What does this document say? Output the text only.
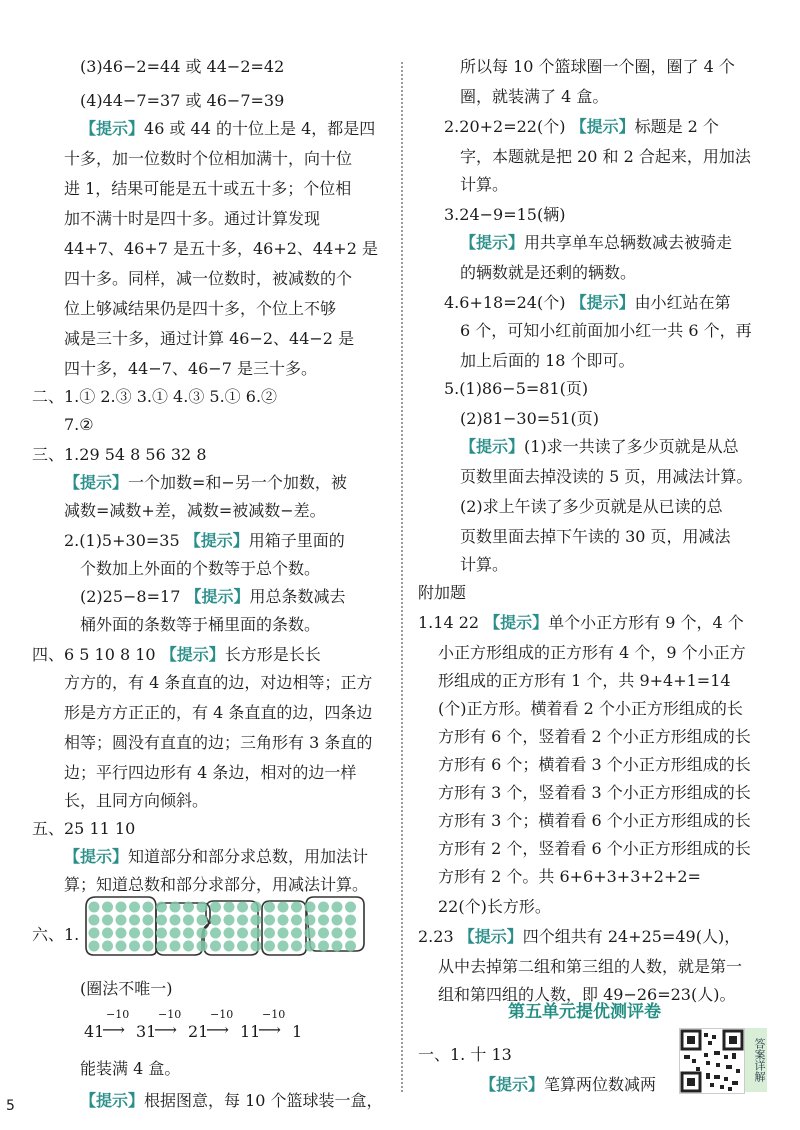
(3)46−2=44 或 44−2=42
(4)44−7=37 或 46−7=39
【提示】46 或 44 的十位上是 4，都是四
十多，加一位数时个位相加满十，向十位
进 1，结果可能是五十或五十多；个位相
加不满十时是四十多。通过计算发现
44+7、46+7 是五十多，46+2、44+2 是
四十多。同样，减一位数时，被减数的个
位上够减结果仍是四十多，个位上不够
减是三十多，通过计算 46−2、44−2 是
四十多，44−7、46−7 是三十多。
二、1.① 2.③ 3.① 4.③ 5.① 6.②
7.②
三、1.29 54 8 56 32 8
【提示】一个加数=和−另一个加数，被
减数=减数+差，减数=被减数−差。
2.(1)5+30=35 【提示】用箱子里面的
个数加上外面的个数等于总个数。
(2)25−8=17 【提示】用总条数减去
桶外面的条数等于桶里面的条数。
四、6 5 10 8 10 【提示】长方形是长长
方方的，有 4 条直直的边，对边相等；正方
形是方方正正的，有 4 条直直的边，四条边
相等；圆没有直直的边；三角形有 3 条直的
边；平行四边形有 4 条边，相对的边一样
长，且同方向倾斜。
五、25 11 10
【提示】知道部分和部分求总数，用加法计
算；知道总数和部分求部分，用减法计算。
六、1.
(圈法不唯一)
能装满 4 盒。
【提示】根据图意，每 10 个篮球装一盒，
所以每 10 个篮球圈一个圈，圈了 4 个
圈，就装满了 4 盒。
2.20+2=22(个) 【提示】标题是 2 个
字，本题就是把 20 和 2 合起来，用加法
计算。
3.24−9=15(辆)
【提示】用共享单车总辆数减去被骑走
的辆数就是还剩的辆数。
4.6+18=24(个) 【提示】由小红站在第
6 个，可知小红前面加小红一共 6 个，再
加上后面的 18 个即可。
5.(1)86−5=81(页)
(2)81−30=51(页)
【提示】(1)求一共读了多少页就是从总
页数里面去掉没读的 5 页，用减法计算。
(2)求上午读了多少页就是从已读的总
页数里面去掉下午读的 30 页，用减法
计算。
附加题
1.14 22 【提示】单个小正方形有 9 个，4 个
小正方形组成的正方形有 4 个，9 个小正方
形组成的正方形有 1 个，共 9+4+1=14
(个)正方形。横着看 2 个小正方形组成的长
方形有 6 个，竖着看 2 个小正方形组成的长
方形有 6 个；横着看 3 个小正方形组成的长
方形有 3 个，竖着看 3 个小正方形组成的长
方形有 3 个；横着看 6 个小正方形组成的长
方形有 2 个，竖着看 6 个小正方形组成的长
方形有 2 个。共 6+6+3+3+2+2=
22(个)长方形。
2.23 【提示】四个组共有 24+25=49(人)，
从中去掉第二组和第三组的人数，就是第一
组和第四组的人数，即 49−26=23(人)。
一、1. 十 13
【提示】笔算两位数减两
第五单元提优测评卷
41
−10
⟶ 31
−10
⟶ 21
−10
⟶ 11
−10
⟶ 1
答案详解
5
